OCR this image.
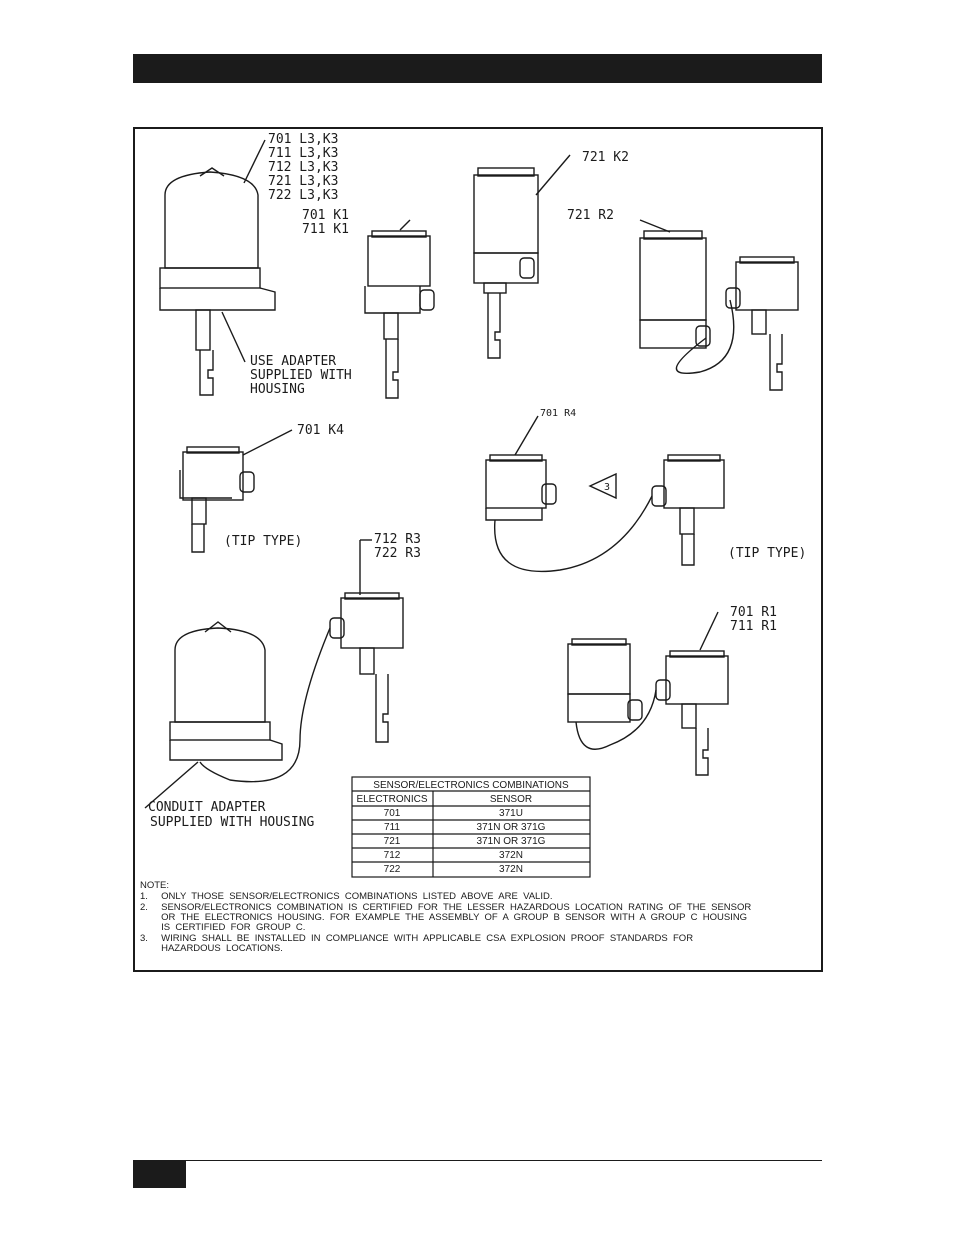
701 L3,K3
711 L3,K3
712 L3,K3
721 L3,K3
722 L3,K3
701 K1
711 K1
721 K2
721 R2
USE ADAPTER
SUPPLIED WITH
HOUSING
701 K4
(TIP TYPE)
701 R4
3
(TIP TYPE)
712 R3
722 R3
701 R1
711 R1
CONDUIT ADAPTER
SUPPLIED WITH HOUSING
SENSOR/ELECTRONICS COMBINATIONS
ELECTRONICS	SENSOR
701	371U
711	371N OR 371G
721	371N OR 371G
712	372N
722	372N
NOTE:
1.     ONLY  THOSE  SENSOR/ELECTRONICS  COMBINATIONS  LISTED  ABOVE  ARE  VALID.
2.     SENSOR/ELECTRONICS  COMBINATION  IS  CERTIFIED  FOR  THE  LESSER  HAZARDOUS  LOCATION  RATING  OF  THE  SENSOR
OR  THE  ELECTRONICS  HOUSING.  FOR  EXAMPLE  THE  ASSEMBLY  OF  A  GROUP  B  SENSOR  WITH  A  GROUP  C  HOUSING
IS  CERTIFIED  FOR  GROUP  C.
3.     WIRING  SHALL  BE  INSTALLED  IN  COMPLIANCE  WITH  APPLICABLE  CSA  EXPLOSION  PROOF  STANDARDS  FOR
HAZARDOUS  LOCATIONS.
